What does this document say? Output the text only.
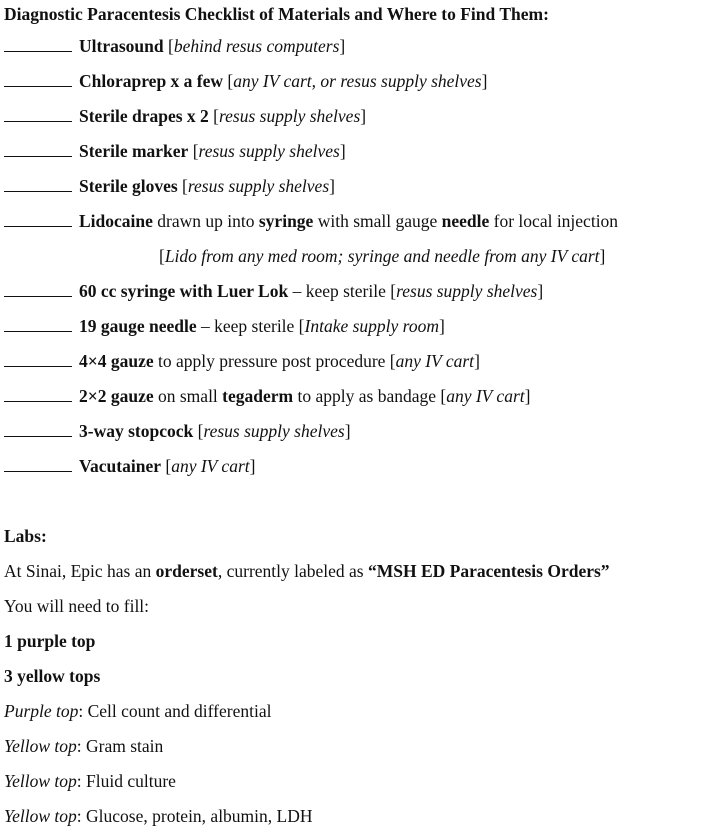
Diagnostic Paracentesis Checklist of Materials and Where to Find Them:
Ultrasound [behind resus computers]
Chloraprep x a few [any IV cart, or resus supply shelves]
Sterile drapes x 2 [resus supply shelves]
Sterile marker [resus supply shelves]
Sterile gloves [resus supply shelves]
Lidocaine drawn up into syringe with small gauge needle for local injection
[Lido from any med room; syringe and needle from any IV cart]
60 cc syringe with Luer Lok – keep sterile [resus supply shelves]
19 gauge needle – keep sterile [Intake supply room]
4×4 gauze to apply pressure post procedure [any IV cart]
2×2 gauze on small tegaderm to apply as bandage [any IV cart]
3-way stopcock [resus supply shelves]
Vacutainer [any IV cart]
Labs:
At Sinai, Epic has an orderset, currently labeled as “MSH ED Paracentesis Orders”
You will need to fill:
1 purple top
3 yellow tops
Purple top: Cell count and differential
Yellow top: Gram stain
Yellow top: Fluid culture
Yellow top: Glucose, protein, albumin, LDH
